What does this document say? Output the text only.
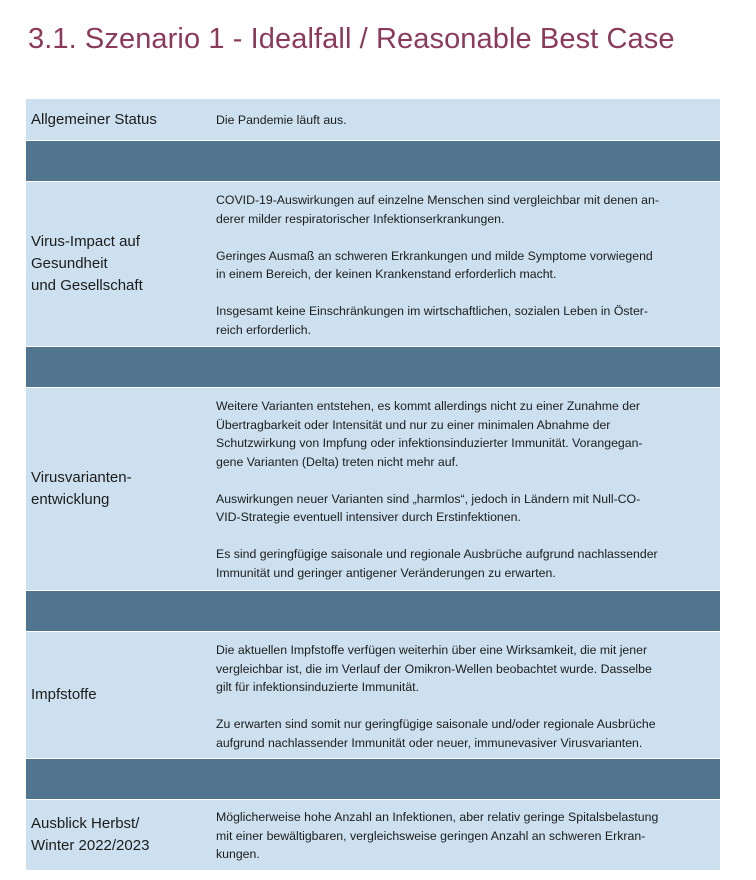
3.1. Szenario 1 - Idealfall / Reasonable Best Case
Allgemeiner Status	Die Pandemie läuft aus.

Virus-Impact auf
Gesundheit
und Gesellschaft

COVID-19-Auswirkungen auf einzelne Menschen sind vergleichbar mit denen an-
derer milder respiratorischer Infektionserkrankungen.

Geringes Ausmaß an schweren Erkrankungen und milde Symptome vorwiegend
in einem Bereich, der keinen Krankenstand erforderlich macht.

Insgesamt keine Einschränkungen im wirtschaftlichen, sozialen Leben in Öster-
reich erforderlich.

Virusvarianten-
entwicklung

Weitere Varianten entstehen, es kommt allerdings nicht zu einer Zunahme der
Übertragbarkeit oder Intensität und nur zu einer minimalen Abnahme der
Schutzwirkung von Impfung oder infektionsinduzierter Immunität. Vorangegan-
gene Varianten (Delta) treten nicht mehr auf.

Auswirkungen neuer Varianten sind „harmlos“, jedoch in Ländern mit Null-CO-
VID-Strategie eventuell intensiver durch Erstinfektionen.

Es sind geringfügige saisonale und regionale Ausbrüche aufgrund nachlassender
Immunität und geringer antigener Veränderungen zu erwarten.

Impfstoffe

Die aktuellen Impfstoffe verfügen weiterhin über eine Wirksamkeit, die mit jener
vergleichbar ist, die im Verlauf der Omikron-Wellen beobachtet wurde. Dasselbe
gilt für infektionsinduzierte Immunität.

Zu erwarten sind somit nur geringfügige saisonale und/oder regionale Ausbrüche
aufgrund nachlassender Immunität oder neuer, immunevasiver Virusvarianten.

Ausblick Herbst/
Winter 2022/2023

Möglicherweise hohe Anzahl an Infektionen, aber relativ geringe Spitalsbelastung
mit einer bewältigbaren, vergleichsweise geringen Anzahl an schweren Erkran-
kungen.
